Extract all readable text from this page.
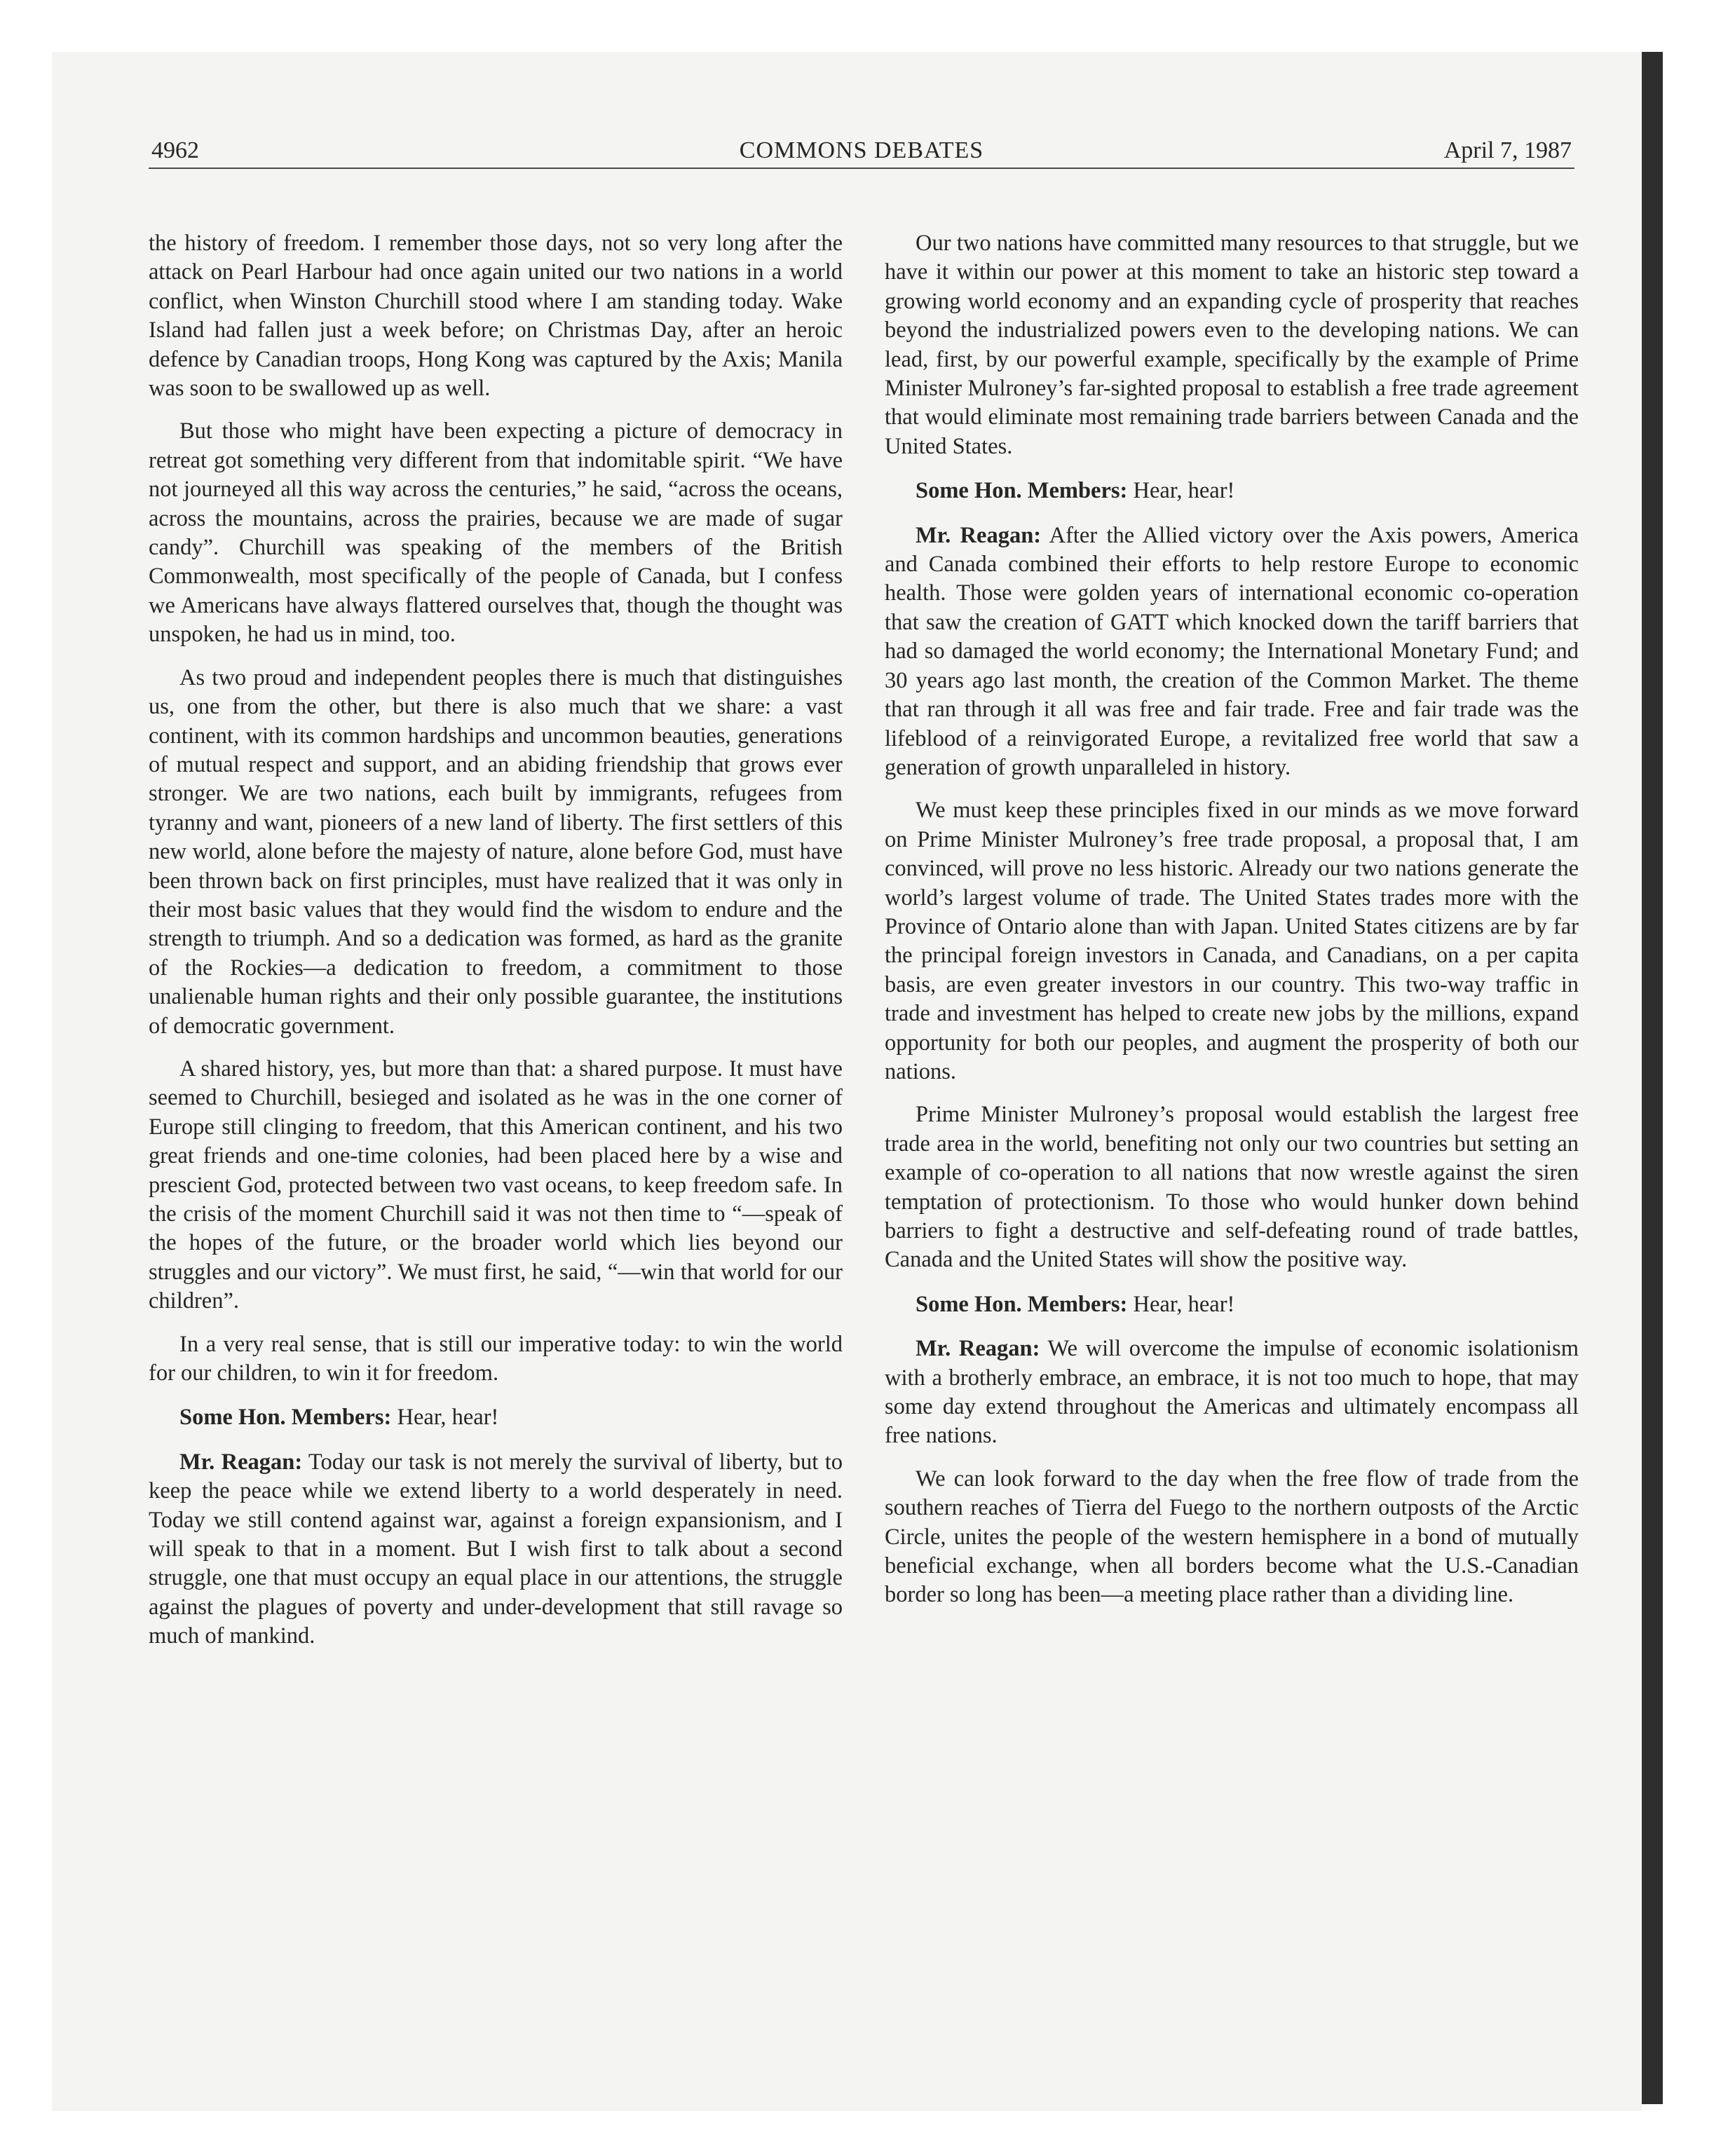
4962	COMMONS DEBATES	April 7, 1987

the history of freedom. I remember those days, not so very long after the attack on Pearl Harbour had once again united our two nations in a world conflict, when Winston Churchill stood where I am standing today. Wake Island had fallen just a week before; on Christmas Day, after an heroic defence by Canadian troops, Hong Kong was captured by the Axis; Manila was soon to be swallowed up as well.

But those who might have been expecting a picture of democracy in retreat got something very different from that indomitable spirit. “We have not journeyed all this way across the centuries,” he said, “across the oceans, across the mountains, across the prairies, because we are made of sugar candy”. Churchill was speaking of the members of the British Commonwealth, most specifically of the people of Canada, but I confess we Americans have always flattered ourselves that, though the thought was unspoken, he had us in mind, too.

As two proud and independent peoples there is much that distinguishes us, one from the other, but there is also much that we share: a vast continent, with its common hardships and uncommon beauties, generations of mutual respect and support, and an abiding friendship that grows ever stronger. We are two nations, each built by immigrants, refugees from tyranny and want, pioneers of a new land of liberty. The first settlers of this new world, alone before the majesty of nature, alone before God, must have been thrown back on first principles, must have realized that it was only in their most basic values that they would find the wisdom to endure and the strength to triumph. And so a dedication was formed, as hard as the granite of the Rockies—a dedication to freedom, a commitment to those unalienable human rights and their only possible guarantee, the institutions of democratic government.

A shared history, yes, but more than that: a shared purpose. It must have seemed to Churchill, besieged and isolated as he was in the one corner of Europe still clinging to freedom, that this American continent, and his two great friends and one-time colonies, had been placed here by a wise and prescient God, protected between two vast oceans, to keep freedom safe. In the crisis of the moment Churchill said it was not then time to “—speak of the hopes of the future, or the broader world which lies beyond our struggles and our victory”. We must first, he said, “—win that world for our children”.

In a very real sense, that is still our imperative today: to win the world for our children, to win it for freedom.

Some Hon. Members: Hear, hear!

Mr. Reagan: Today our task is not merely the survival of liberty, but to keep the peace while we extend liberty to a world desperately in need. Today we still contend against war, against a foreign expansionism, and I will speak to that in a moment. But I wish first to talk about a second struggle, one that must occupy an equal place in our attentions, the struggle against the plagues of poverty and under-development that still ravage so much of mankind.

Our two nations have committed many resources to that struggle, but we have it within our power at this moment to take an historic step toward a growing world economy and an expanding cycle of prosperity that reaches beyond the industrialized powers even to the developing nations. We can lead, first, by our powerful example, specifically by the example of Prime Minister Mulroney’s far-sighted proposal to establish a free trade agreement that would eliminate most remaining trade barriers between Canada and the United States.

Some Hon. Members: Hear, hear!

Mr. Reagan: After the Allied victory over the Axis powers, America and Canada combined their efforts to help restore Europe to economic health. Those were golden years of international economic co-operation that saw the creation of GATT which knocked down the tariff barriers that had so damaged the world economy; the International Monetary Fund; and 30 years ago last month, the creation of the Common Market. The theme that ran through it all was free and fair trade. Free and fair trade was the lifeblood of a reinvigorated Europe, a revitalized free world that saw a generation of growth unparalleled in history.

We must keep these principles fixed in our minds as we move forward on Prime Minister Mulroney’s free trade proposal, a proposal that, I am convinced, will prove no less historic. Already our two nations generate the world’s largest volume of trade. The United States trades more with the Province of Ontario alone than with Japan. United States citizens are by far the principal foreign investors in Canada, and Canadians, on a per capita basis, are even greater investors in our country. This two-way traffic in trade and investment has helped to create new jobs by the millions, expand opportunity for both our peoples, and augment the prosperity of both our nations.

Prime Minister Mulroney’s proposal would establish the largest free trade area in the world, benefiting not only our two countries but setting an example of co-operation to all nations that now wrestle against the siren temptation of protectionism. To those who would hunker down behind barriers to fight a destructive and self-defeating round of trade battles, Canada and the United States will show the positive way.

Some Hon. Members: Hear, hear!

Mr. Reagan: We will overcome the impulse of economic isolationism with a brotherly embrace, an embrace, it is not too much to hope, that may some day extend throughout the Americas and ultimately encompass all free nations.

We can look forward to the day when the free flow of trade from the southern reaches of Tierra del Fuego to the northern outposts of the Arctic Circle, unites the people of the western hemisphere in a bond of mutually beneficial exchange, when all borders become what the U.S.-Canadian border so long has been—a meeting place rather than a dividing line.
